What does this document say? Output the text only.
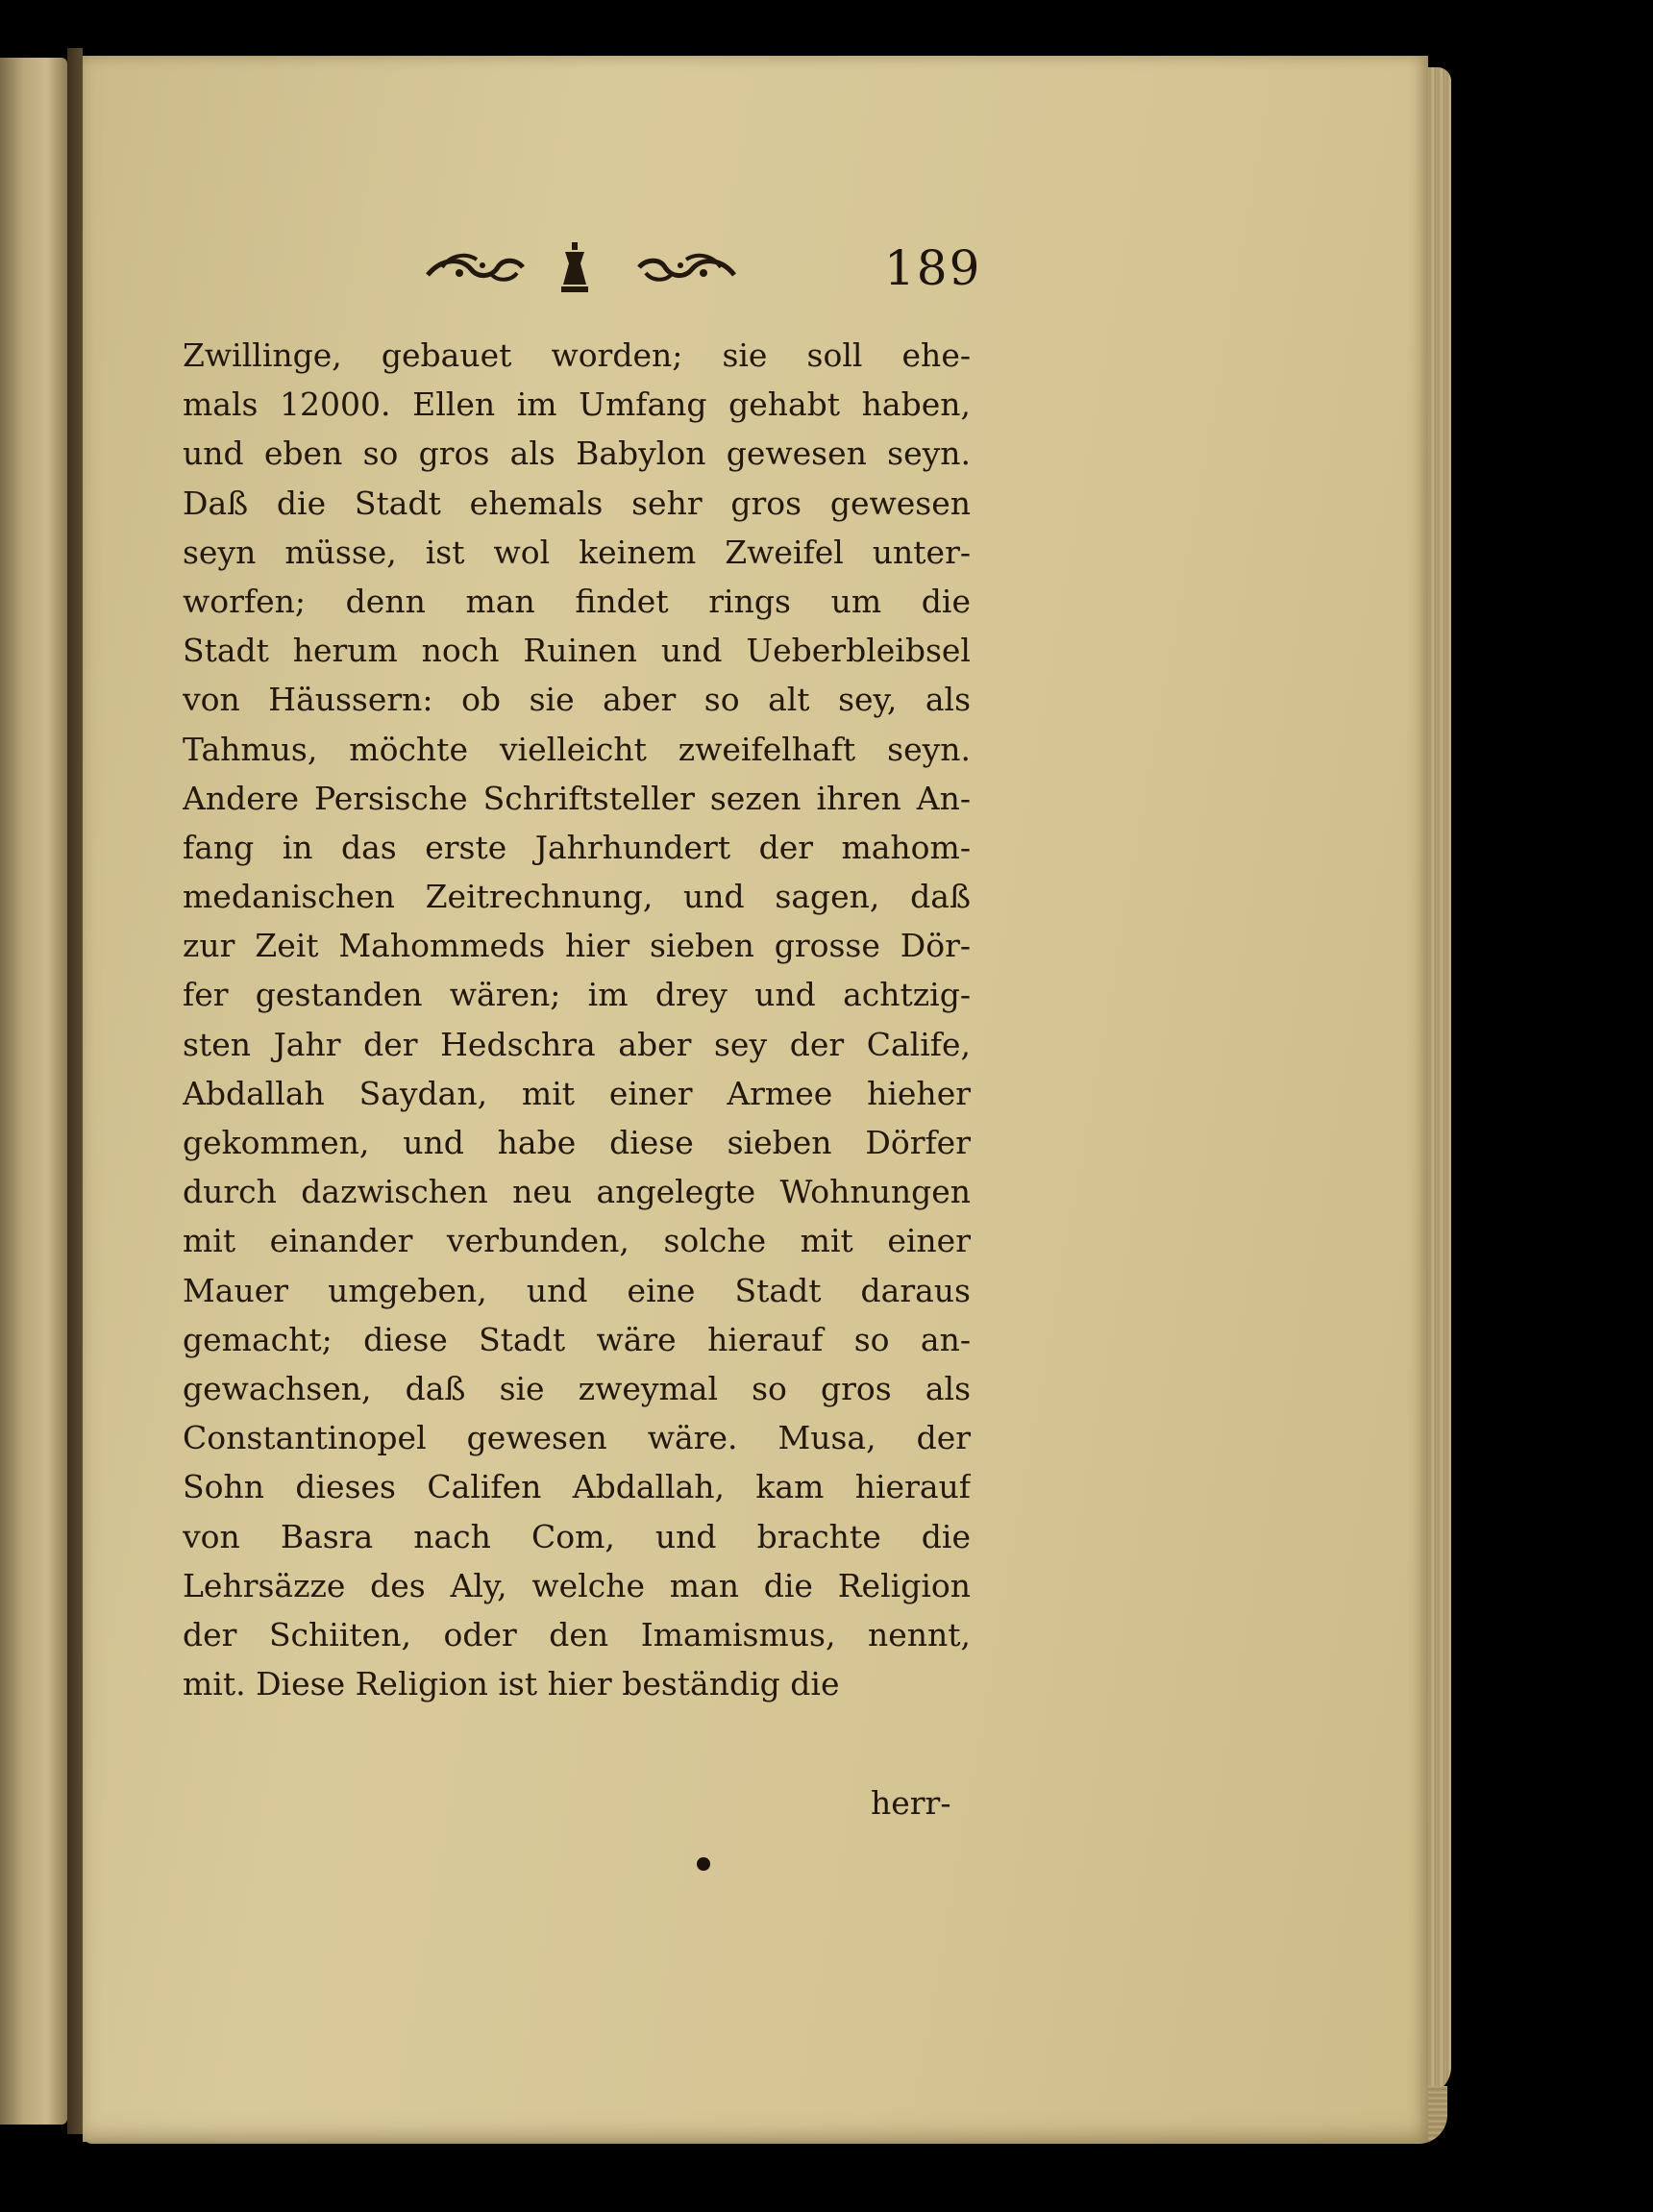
189
Zwillinge, gebauet worden; sie soll ehe-
mals 12000. Ellen im Umfang gehabt haben,
und eben so gros als Babylon gewesen seyn.
Daß die Stadt ehemals sehr gros gewesen
seyn müsse, ist wol keinem Zweifel unter-
worfen; denn man findet rings um die
Stadt herum noch Ruinen und Ueberbleibsel
von Häussern: ob sie aber so alt sey, als
Tahmus, möchte vielleicht zweifelhaft seyn.
Andere Persische Schriftsteller sezen ihren An-
fang in das erste Jahrhundert der mahom-
medanischen Zeitrechnung, und sagen, daß
zur Zeit Mahommeds hier sieben grosse Dör-
fer gestanden wären; im drey und achtzig-
sten Jahr der Hedschra aber sey der Calife,
Abdallah Saydan, mit einer Armee hieher
gekommen, und habe diese sieben Dörfer
durch dazwischen neu angelegte Wohnungen
mit einander verbunden, solche mit einer
Mauer umgeben, und eine Stadt daraus
gemacht; diese Stadt wäre hierauf so an-
gewachsen, daß sie zweymal so gros als
Constantinopel gewesen wäre. Musa, der
Sohn dieses Califen Abdallah, kam hierauf
von Basra nach Com, und brachte die
Lehrsäzze des Aly, welche man die Religion
der Schiiten, oder den Imamismus, nennt,
mit. Diese Religion ist hier beständig die
herr-
